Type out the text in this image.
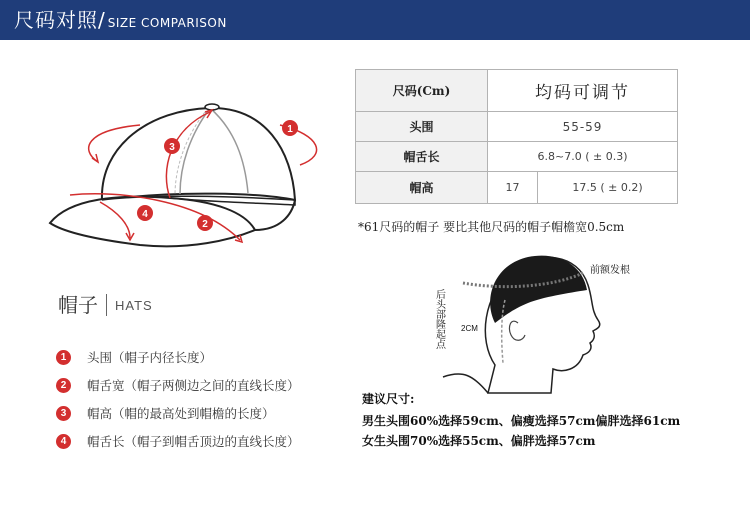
尺码对照/ SIZE COMPARISON
1
2
3
4
帽子 HATS
1	头围（帽子内径长度）
2	帽舌宽（帽子两侧边之间的直线长度）
3	帽高（帽的最高处到帽檐的长度）
4	帽舌长（帽子到帽舌顶边的直线长度）
尺码(Cm)	均码可调节	
头围	55-59	
帽舌长	6.8~7.0 ( ± 0.3)	
帽高	17	17.5 ( ± 0.2)
*61尺码的帽子 要比其他尺码的帽子帽檐宽0.5cm
前额发根
后头部隆起点 2CM
建议尺寸:
男生头围60%选择59cm、偏瘦选择57cm偏胖选择61cm
女生头围70%选择55cm、偏胖选择57cm
